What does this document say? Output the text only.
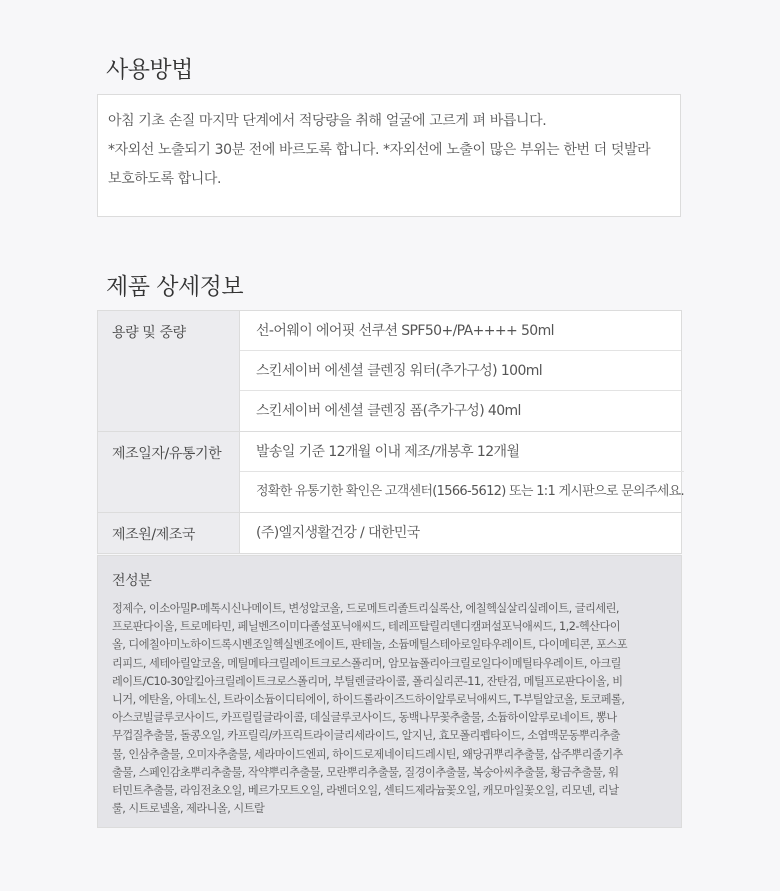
사용방법

아침 기초 손질 마지막 단계에서 적당량을 취해 얼굴에 고르게 펴 바릅니다.

*자외선 노출되기 30분 전에 바르도록 합니다. *자외선에 노출이 많은 부위는 한번 더 덧발라

보호하도록 합니다.

제품 상세정보
용량 및 중량	선-어웨이 에어핏 선쿠션 SPF50+/PA++++ 50ml
스킨세이버 에센셜 클렌징 워터(추가구성) 100ml
스킨세이버 에센셜 클렌징 폼(추가구성) 40ml
제조일자/유통기한	발송일 기준 12개월 이내 제조/개봉후 12개월
정확한 유통기한 확인은 고객센터(1566-5612) 또는 1:1 게시판으로 문의주세요.
제조원/제조국	(주)엘지생활건강 / 대한민국
전성분

정제수, 이소아밀P-메톡시신나메이트, 변성알코올, 드로메트리졸트리실록산, 에칠헥실살리실레이트, 글리세린,
프로판다이올, 트로메타민, 페닐벤즈이미다졸설포닉애씨드, 테레프탈릴리덴디캠퍼설포닉애씨드, 1,2-헥산다이
올, 디에칠아미노하이드록시벤조일헥실벤조에이트, 판테놀, 소듐메틸스테아로일타우레이트, 다이메티콘, 포스포
리피드, 세테아릴알코올, 메틸메타크릴레이트크로스폴리머, 암모늄폴리아크릴로일다이메틸타우레이트, 아크릴
레이트/C10-30알킬아크릴레이트크로스폴리머, 부틸렌글라이콜, 폴리실리콘-11, 잔탄검, 메틸프로판다이올, 비
니거, 에탄올, 아데노신, 트라이소듐이디티에이, 하이드롤라이즈드하이알루로닉애씨드, T-부틸알코올, 토코페롤,
아스코빌글루코사이드, 카프릴릴글라이콜, 데실글루코사이드, 동백나무꽃추출물, 소듐하이알루로네이트, 뽕나
무껍질추출물, 돌콩오일, 카프릴릭/카프릭트라이글리세라이드, 알지닌, 효모폴리펩타이드, 소엽맥문동뿌리추출
물, 인삼추출물, 오미자추출물, 세라마이드엔피, 하이드로제네이티드레시틴, 왜당귀뿌리추출물, 삽주뿌리줄기추
출물, 스페인감초뿌리추출물, 작약뿌리추출물, 모란뿌리추출물, 질경이추출물, 복숭아씨추출물, 황금추출물, 워
터민트추출물, 라임전초오일, 베르가모트오일, 라벤더오일, 센티드제라늄꽃오일, 캐모마일꽃오일, 리모넨, 리날
룰, 시트로넬올, 제라니올, 시트랄
